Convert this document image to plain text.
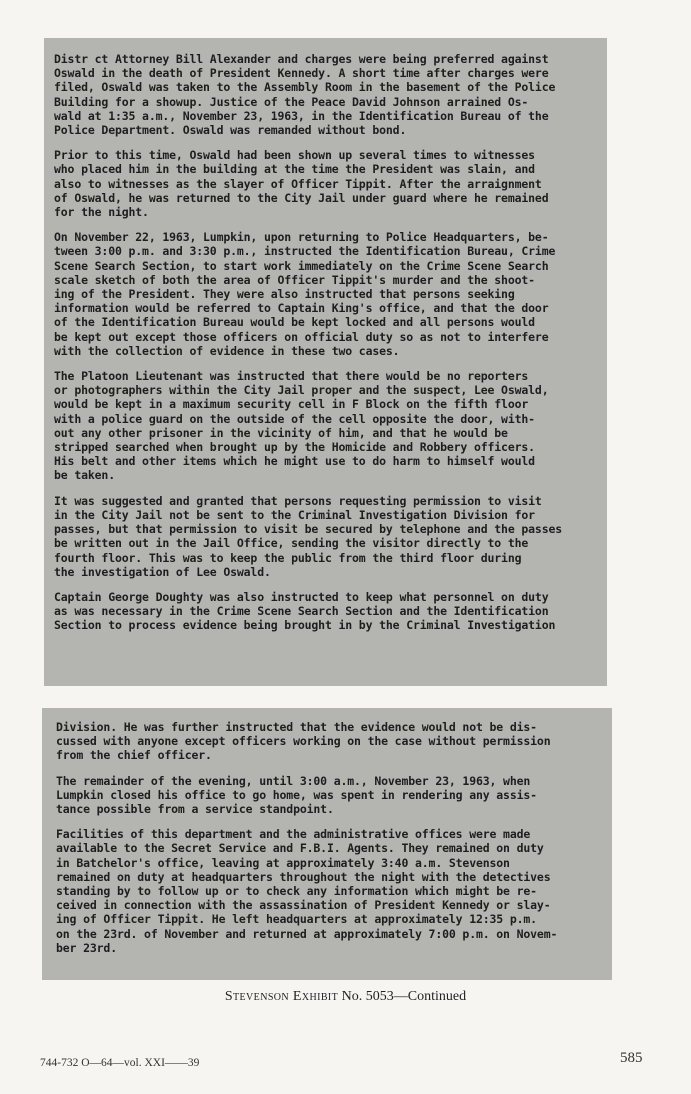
Distr ct Attorney Bill Alexander and charges were being preferred against
Oswald in the death of President Kennedy. A short time after charges were
filed, Oswald was taken to the Assembly Room in the basement of the Police
Building for a showup. Justice of the Peace David Johnson arrained Os-
wald at 1:35 a.m., November 23, 1963, in the Identification Bureau of the
Police Department. Oswald was remanded without bond.

Prior to this time, Oswald had been shown up several times to witnesses
who placed him in the building at the time the President was slain, and
also to witnesses as the slayer of Officer Tippit. After the arraignment
of Oswald, he was returned to the City Jail under guard where he remained
for the night.

On November 22, 1963, Lumpkin, upon returning to Police Headquarters, be-
tween 3:00 p.m. and 3:30 p.m., instructed the Identification Bureau, Crime
Scene Search Section, to start work immediately on the Crime Scene Search
scale sketch of both the area of Officer Tippit's murder and the shoot-
ing of the President. They were also instructed that persons seeking
information would be referred to Captain King's office, and that the door
of the Identification Bureau would be kept locked and all persons would
be kept out except those officers on official duty so as not to interfere
with the collection of evidence in these two cases.

The Platoon Lieutenant was instructed that there would be no reporters
or photographers within the City Jail proper and the suspect, Lee Oswald,
would be kept in a maximum security cell in F Block on the fifth floor
with a police guard on the outside of the cell opposite the door, with-
out any other prisoner in the vicinity of him, and that he would be
stripped searched when brought up by the Homicide and Robbery officers.
His belt and other items which he might use to do harm to himself would
be taken.

It was suggested and granted that persons requesting permission to visit
in the City Jail not be sent to the Criminal Investigation Division for
passes, but that permission to visit be secured by telephone and the passes
be written out in the Jail Office, sending the visitor directly to the
fourth floor. This was to keep the public from the third floor during
the investigation of Lee Oswald.

Captain George Doughty was also instructed to keep what personnel on duty
as was necessary in the Crime Scene Search Section and the Identification
Section to process evidence being brought in by the Criminal Investigation

Division. He was further instructed that the evidence would not be dis-
cussed with anyone except officers working on the case without permission
from the chief officer.

The remainder of the evening, until 3:00 a.m., November 23, 1963, when
Lumpkin closed his office to go home, was spent in rendering any assis-
tance possible from a service standpoint.

Facilities of this department and the administrative offices were made
available to the Secret Service and F.B.I. Agents. They remained on duty
in Batchelor's office, leaving at approximately 3:40 a.m. Stevenson
remained on duty at headquarters throughout the night with the detectives
standing by to follow up or to check any information which might be re-
ceived in connection with the assassination of President Kennedy or slay-
ing of Officer Tippit. He left headquarters at approximately 12:35 p.m.
on the 23rd. of November and returned at approximately 7:00 p.m. on Novem-
ber 23rd.

Stevenson Exhibit No. 5053—Continued
744-732 O—64—vol. XXI——39	585
